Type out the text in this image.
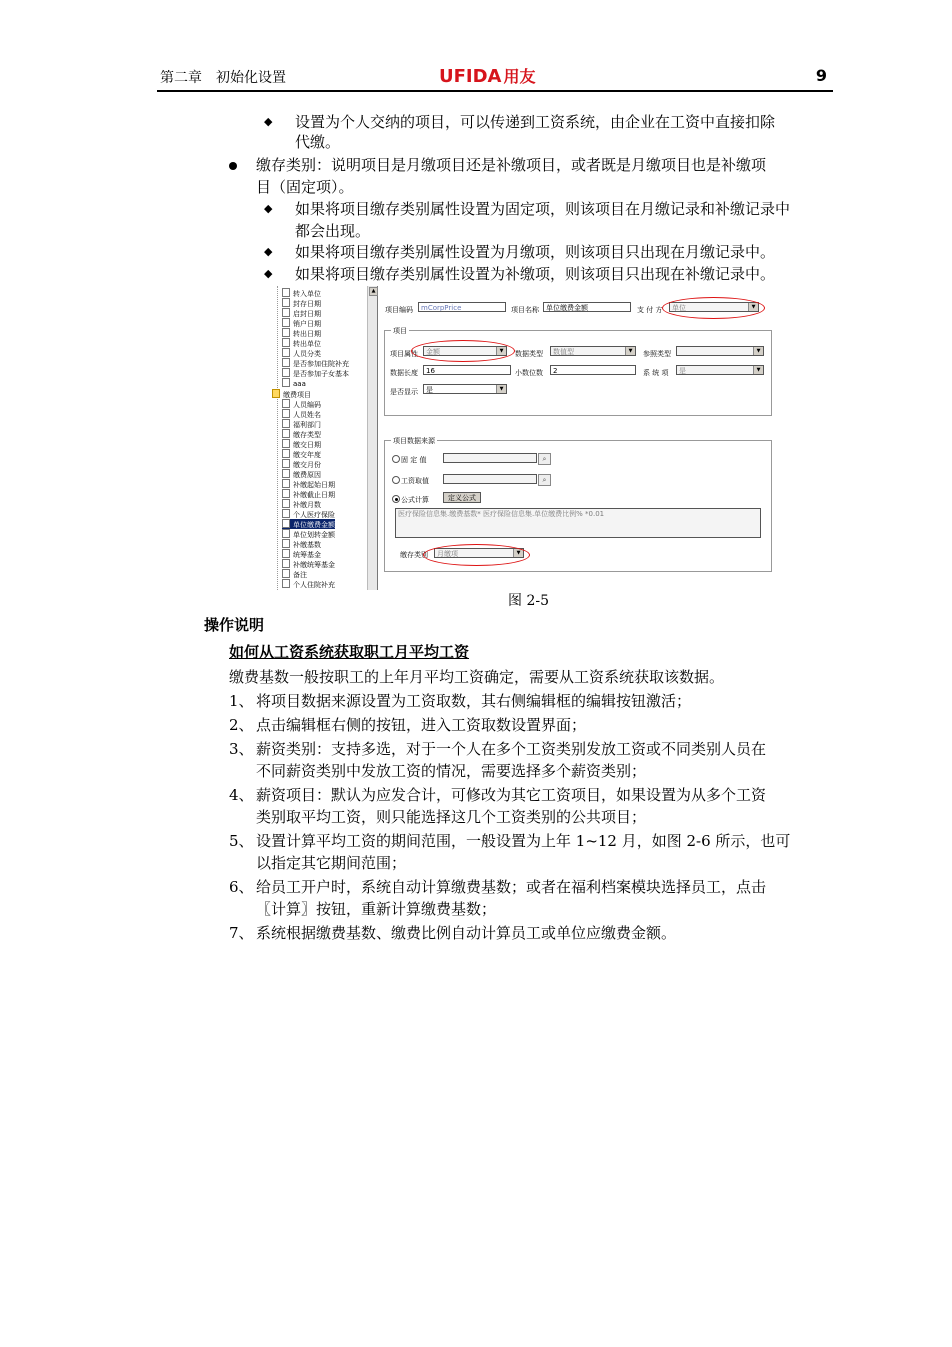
第二章　初始化设置	UFIDA 用友	9
◆ 设置为个人交纳的项目，可以传递到工资系统，由企业在工资中直接扣除
代缴。
缴存类别：说明项目是月缴项目还是补缴项目，或者既是月缴项目也是补缴项
目（固定项）。
◆ 如果将项目缴存类别属性设置为固定项，则该项目在月缴记录和补缴记录中
都会出现。
◆ 如果将项目缴存类别属性设置为月缴项，则该项目只出现在月缴记录中。
◆ 如果将项目缴存类别属性设置为补缴项，则该项目只出现在补缴记录中。
▲
转入单位
封存日期
启封日期
销户日期
转出日期
转出单位
人员分类
是否参加住院补充
是否参加子女基本
aaa
缴费项目
人员编码
人员姓名
福利部门
缴存类型
缴交日期
缴交年度
缴交月份
缴费原因
补缴起始日期
补缴截止日期
补缴月数
个人医疗保险
单位缴费金额
单位划转金额
补缴基数
统筹基金
补缴统筹基金
备注
个人住院补充
项目编码	mCorpPrice	项目名称	单位缴费金额	支 付 方	单位	▼
项目
项目属性	金额	▼	数据类型	数值型	▼	参照类型	▼
数据长度	16	小数位数	2	系 统 项	是	▼
是否显示	是	▼
项目数据来源
固 定 值	⌕
工资取值	⌕
公式计算	定义公式
医疗保险信息集.缴费基数* 医疗保险信息集.单位缴费比例% *0.01
缴存类别	月缴项	▼
图 2-5
操作说明
如何从工资系统获取职工月平均工资
缴费基数一般按职工的上年月平均工资确定，需要从工资系统获取该数据。
1、 将项目数据来源设置为工资取数，其右侧编辑框的编辑按钮激活；
2、 点击编辑框右侧的按钮，进入工资取数设置界面；
3、 薪资类别：支持多选，对于一个人在多个工资类别发放工资或不同类别人员在
不同薪资类别中发放工资的情况，需要选择多个薪资类别；
4、 薪资项目：默认为应发合计，可修改为其它工资项目，如果设置为从多个工资
类别取平均工资，则只能选择这几个工资类别的公共项目；
5、 设置计算平均工资的期间范围，一般设置为上年 1~12 月，如图 2-6 所示，也可
以指定其它期间范围；
6、 给员工开户时，系统自动计算缴费基数；或者在福利档案模块选择员工，点击
〖计算〗按钮，重新计算缴费基数；
7、 系统根据缴费基数、缴费比例自动计算员工或单位应缴费金额。
